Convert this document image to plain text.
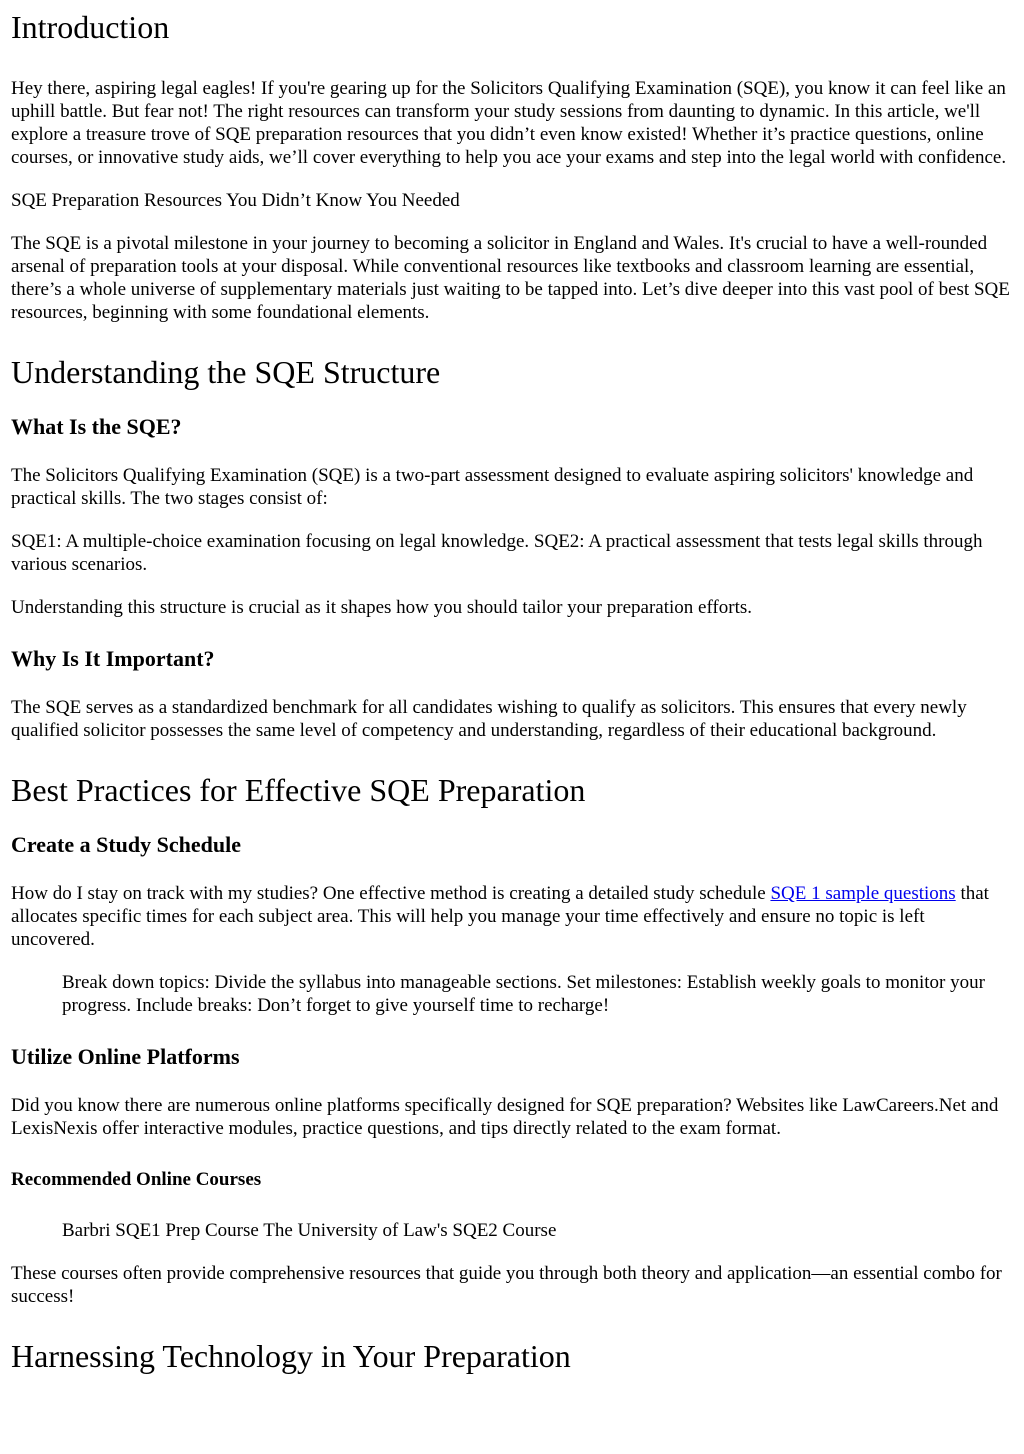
Introduction

Hey there, aspiring legal eagles! If you're gearing up for the Solicitors Qualifying Examination (SQE), you know it can feel like an uphill battle. But fear not! The right resources can transform your study sessions from daunting to dynamic. In this article, we'll explore a treasure trove of SQE preparation resources that you didn’t even know existed! Whether it’s practice questions, online courses, or innovative study aids, we’ll cover everything to help you ace your exams and step into the legal world with confidence.

SQE Preparation Resources You Didn’t Know You Needed

The SQE is a pivotal milestone in your journey to becoming a solicitor in England and Wales. It's crucial to have a well-rounded arsenal of preparation tools at your disposal. While conventional resources like textbooks and classroom learning are essential, there’s a whole universe of supplementary materials just waiting to be tapped into. Let’s dive deeper into this vast pool of best SQE resources, beginning with some foundational elements.

Understanding the SQE Structure
What Is the SQE?

The Solicitors Qualifying Examination (SQE) is a two-part assessment designed to evaluate aspiring solicitors' knowledge and practical skills. The two stages consist of:

SQE1: A multiple-choice examination focusing on legal knowledge. SQE2: A practical assessment that tests legal skills through various scenarios.

Understanding this structure is crucial as it shapes how you should tailor your preparation efforts.

Why Is It Important?

The SQE serves as a standardized benchmark for all candidates wishing to qualify as solicitors. This ensures that every newly qualified solicitor possesses the same level of competency and understanding, regardless of their educational background.

Best Practices for Effective SQE Preparation
Create a Study Schedule

How do I stay on track with my studies? One effective method is creating a detailed study schedule SQE 1 sample questions that allocates specific times for each subject area. This will help you manage your time effectively and ensure no topic is left uncovered.

Break down topics: Divide the syllabus into manageable sections. Set milestones: Establish weekly goals to monitor your progress. Include breaks: Don’t forget to give yourself time to recharge!

Utilize Online Platforms

Did you know there are numerous online platforms specifically designed for SQE preparation? Websites like LawCareers.Net and LexisNexis offer interactive modules, practice questions, and tips directly related to the exam format.

Recommended Online Courses

Barbri SQE1 Prep Course The University of Law's SQE2 Course

These courses often provide comprehensive resources that guide you through both theory and application—an essential combo for success!

Harnessing Technology in Your Preparation
